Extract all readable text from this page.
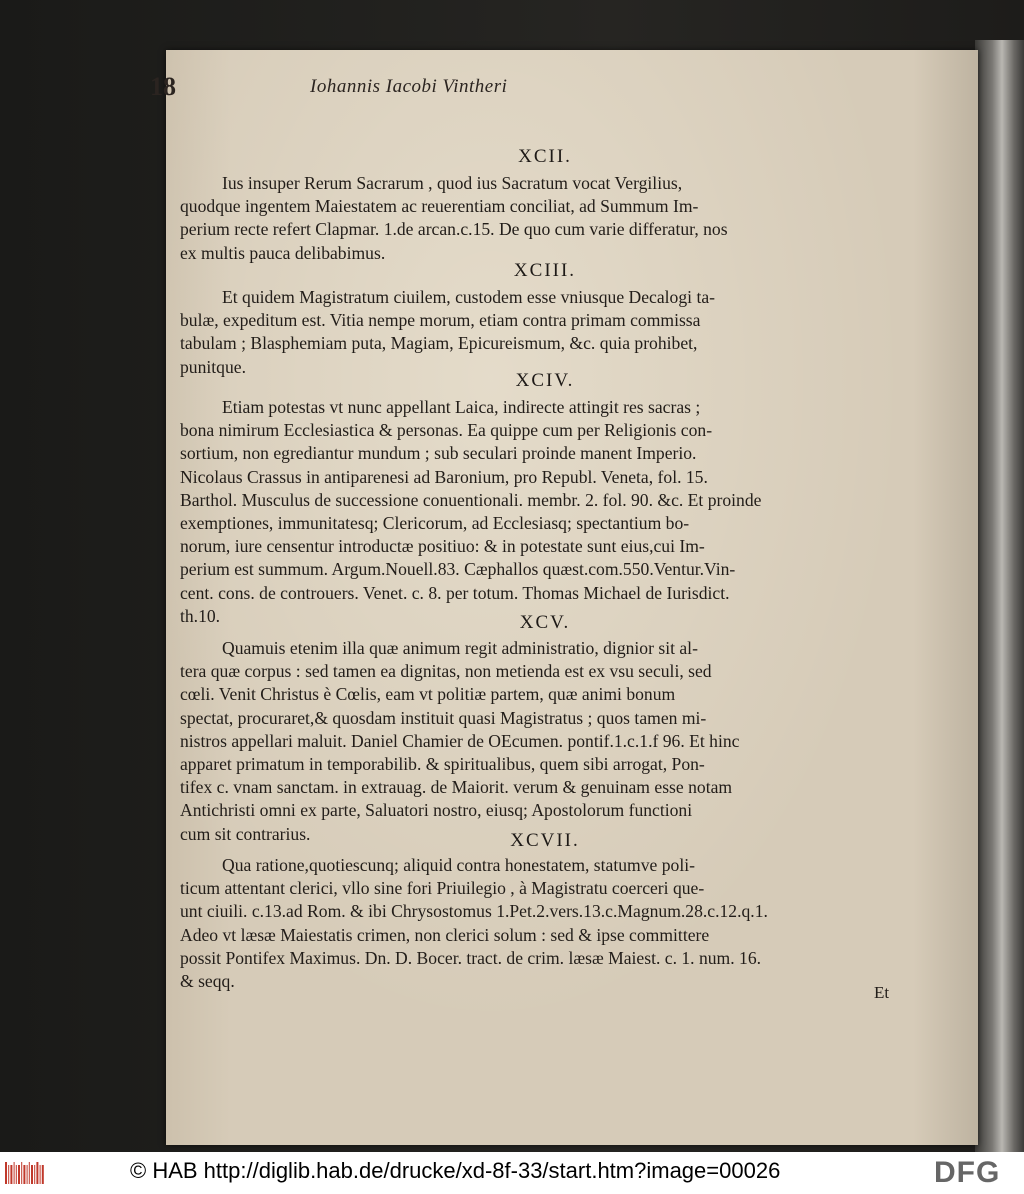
18	Iohannis Iacobi Vintheri
XCII.
Ius insuper Rerum Sacrarum , quod ius Sacratum vocat Vergilius,
quodque ingentem Maiestatem ac reuerentiam conciliat, ad Summum Im-
perium recte refert Clapmar. 1.de arcan.c.15. De quo cum varie differatur, nos
ex multis pauca delibabimus.
XCIII.
Et quidem Magistratum ciuilem, custodem esse vniusque Decalogi ta-
bulæ, expeditum est. Vitia nempe morum, etiam contra primam commissa
tabulam ; Blasphemiam puta, Magiam, Epicureismum, &c. quia prohibet,
punitque.
XCIV.
Etiam potestas vt nunc appellant Laica, indirecte attingit res sacras ;
bona nimirum Ecclesiastica & personas. Ea quippe cum per Religionis con-
sortium, non egrediantur mundum ; sub seculari proinde manent Imperio.
Nicolaus Crassus in antiparenesi ad Baronium, pro Republ. Veneta, fol. 15.
Barthol. Musculus de successione conuentionali. membr. 2. fol. 90. &c. Et proinde
exemptiones, immunitatesq; Clericorum, ad Ecclesiasq; spectantium bo-
norum, iure censentur introductæ positiuo: & in potestate sunt eius,cui Im-
perium est summum. Argum.Nouell.83. Cæphallos quæst.com.550.Ventur.Vin-
cent. cons. de controuers. Venet. c. 8. per totum. Thomas Michael de Iurisdict.
th.10.	XCV.
Quamuis etenim illa quæ animum regit administratio, dignior sit al-
tera quæ corpus : sed tamen ea dignitas, non metienda est ex vsu seculi, sed
cœli. Venit Christus è Cœlis, eam vt politiæ partem, quæ animi bonum
spectat, procuraret,& quosdam instituit quasi Magistratus ; quos tamen mi-
nistros appellari maluit. Daniel Chamier de OEcumen. pontif.1.c.1.f 96. Et hinc
apparet primatum in temporabilib. & spiritualibus, quem sibi arrogat, Pon-
tifex c. vnam sanctam. in extrauag. de Maiorit. verum & genuinam esse notam
Antichristi omni ex parte, Saluatori nostro, eiusq; Apostolorum functioni
cum sit contrarius.	XCVII.
Qua ratione,quotiescunq; aliquid contra honestatem, statumve poli-
ticum attentant clerici, vllo sine fori Priuilegio , à Magistratu coerceri que-
unt ciuili. c.13.ad Rom. & ibi Chrysostomus 1.Pet.2.vers.13.c.Magnum.28.c.12.q.1.
Adeo vt læsæ Maiestatis crimen, non clerici solum : sed & ipse committere
possit Pontifex Maximus. Dn. D. Bocer. tract. de crim. læsæ Maiest. c. 1. num. 16.
& seqq.
Et
© HAB http://diglib.hab.de/drucke/xd-8f-33/start.htm?image=00026	DFG
